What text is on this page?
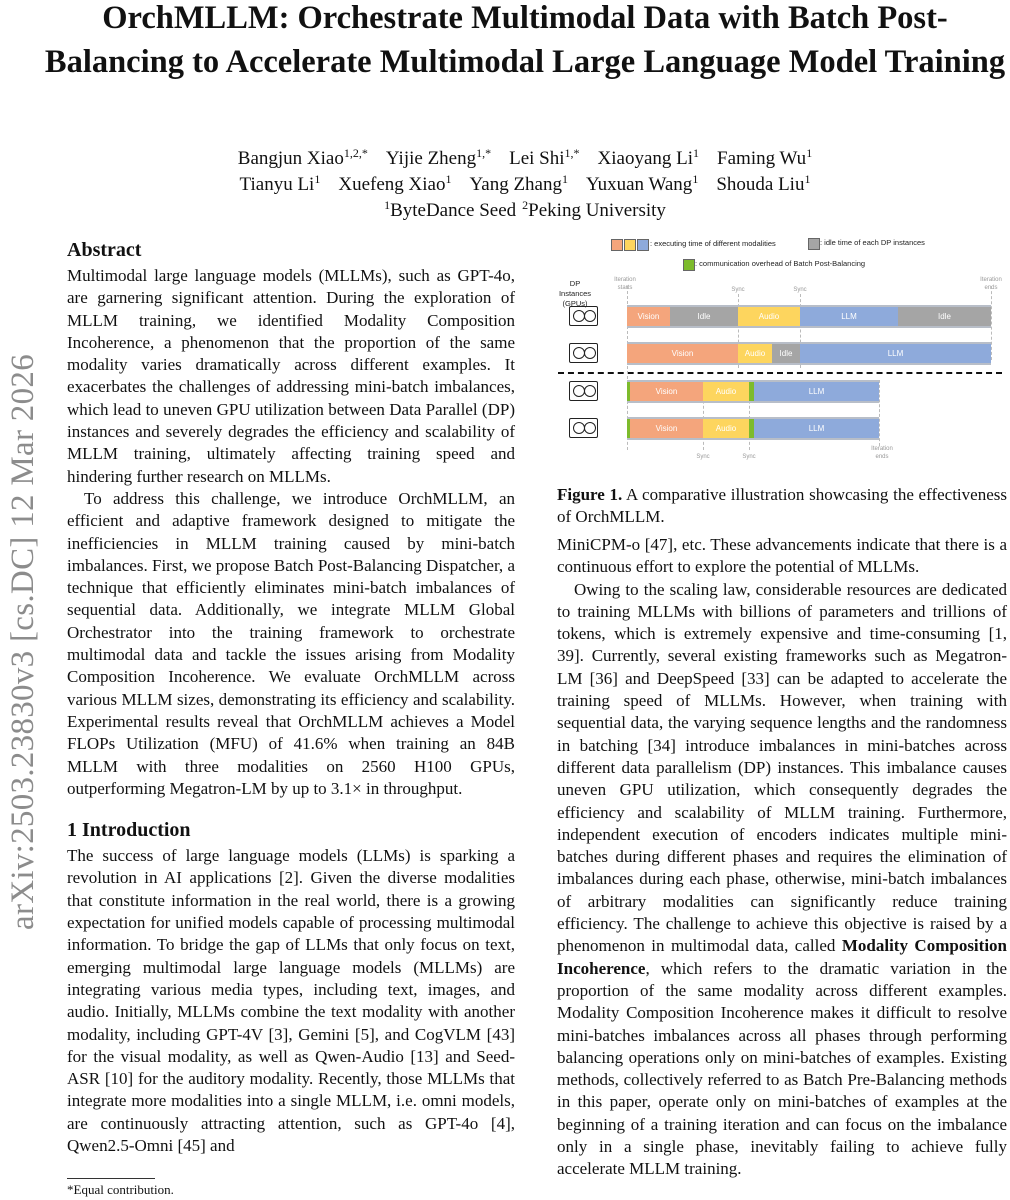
OrchMLLM: Orchestrate Multimodal Data with Batch Post-Balancing to Accelerate Multimodal Large Language Model Training
Bangjun Xiao$^{1,2,*}$ Yijie Zheng$^{1,*}$ Lei Shi$^{1,*}$ Xiaoyang Li$^1$ Faming Wu$^1$
Tianyu Li$^1$ Xuefeng Xiao$^1$ Yang Zhang$^1$ Yuxuan Wang$^1$ Shouda Liu$^1$
$^1$ByteDance Seed $^2$Peking University
arXiv:2503.23830v3 [cs.DC] 12 Mar 2026
Abstract

Multimodal large language models (MLLMs), such as GPT-4o, are garnering significant attention. During the exploration of MLLM training, we identified Modality Composition Incoherence, a phenomenon that the proportion of the same modality varies dramatically across different examples. It exacerbates the challenges of addressing mini-batch imbalances, which lead to uneven GPU utilization between Data Parallel (DP) instances and severely degrades the efficiency and scalability of MLLM training, ultimately affecting training speed and hindering further research on MLLMs.

To address this challenge, we introduce OrchMLLM, an efficient and adaptive framework designed to mitigate the inefficiencies in MLLM training caused by mini-batch imbalances. First, we propose Batch Post-Balancing Dispatcher, a technique that efficiently eliminates mini-batch imbalances of sequential data. Additionally, we integrate MLLM Global Orchestrator into the training framework to orchestrate multimodal data and tackle the issues arising from Modality Composition Incoherence. We evaluate OrchMLLM across various MLLM sizes, demonstrating its efficiency and scalability. Experimental results reveal that OrchMLLM achieves a Model FLOPs Utilization (MFU) of 41.6% when training an 84B MLLM with three modalities on 2560 H100 GPUs, outperforming Megatron-LM by up to 3.1× in throughput.

1 Introduction

The success of large language models (LLMs) is sparking a revolution in AI applications [2]. Given the diverse modalities that constitute information in the real world, there is a growing expectation for unified models capable of processing multimodal information. To bridge the gap of LLMs that only focus on text, emerging multimodal large language models (MLLMs) are integrating various media types, including text, images, and audio. Initially, MLLMs combine the text modality with another modality, including GPT-4V [3], Gemini [5], and CogVLM [43] for the visual modality, as well as Qwen-Audio [13] and Seed-ASR [10] for the auditory modality. Recently, those MLLMs that integrate more modalities into a single MLLM, i.e. omni models, are continuously attracting attention, such as GPT-4o [4], Qwen2.5-Omni [45] and

*Equal contribution.
: executing time of different modalities	: idle time of each DP instances
: communication overhead of Batch Post-Balancing
DP Instances (GPUs)
Iteration starts	Sync	Sync
Iteration ends
Sync	Sync
Iteration ends
Vision	Idle	Audio	LLM	Idle
Vision	Audio	Idle	LLM
Vision	Audio	LLM
Vision	Audio	LLM

Figure 1. A comparative illustration showcasing the effectiveness of OrchMLLM.

MiniCPM-o [47], etc. These advancements indicate that there is a continuous effort to explore the potential of MLLMs.

Owing to the scaling law, considerable resources are dedicated to training MLLMs with billions of parameters and trillions of tokens, which is extremely expensive and time-consuming [1, 39]. Currently, several existing frameworks such as Megatron-LM [36] and DeepSpeed [33] can be adapted to accelerate the training speed of MLLMs. However, when training with sequential data, the varying sequence lengths and the randomness in batching [34] introduce imbalances in mini-batches across different data parallelism (DP) instances. This imbalance causes uneven GPU utilization, which consequently degrades the efficiency and scalability of MLLM training. Furthermore, independent execution of encoders indicates multiple mini-batches during different phases and requires the elimination of imbalances during each phase, otherwise, mini-batch imbalances of arbitrary modalities can significantly reduce training efficiency. The challenge to achieve this objective is raised by a phenomenon in multimodal data, called Modality Composition Incoherence, which refers to the dramatic variation in the proportion of the same modality across different examples. Modality Composition Incoherence makes it difficult to resolve mini-batches imbalances across all phases through performing balancing operations only on mini-batches of examples. Existing methods, collectively referred to as Batch Pre-Balancing methods in this paper, operate only on mini-batches of examples at the beginning of a training iteration and can focus on the imbalance only in a single phase, inevitably failing to achieve fully accelerate MLLM training.
